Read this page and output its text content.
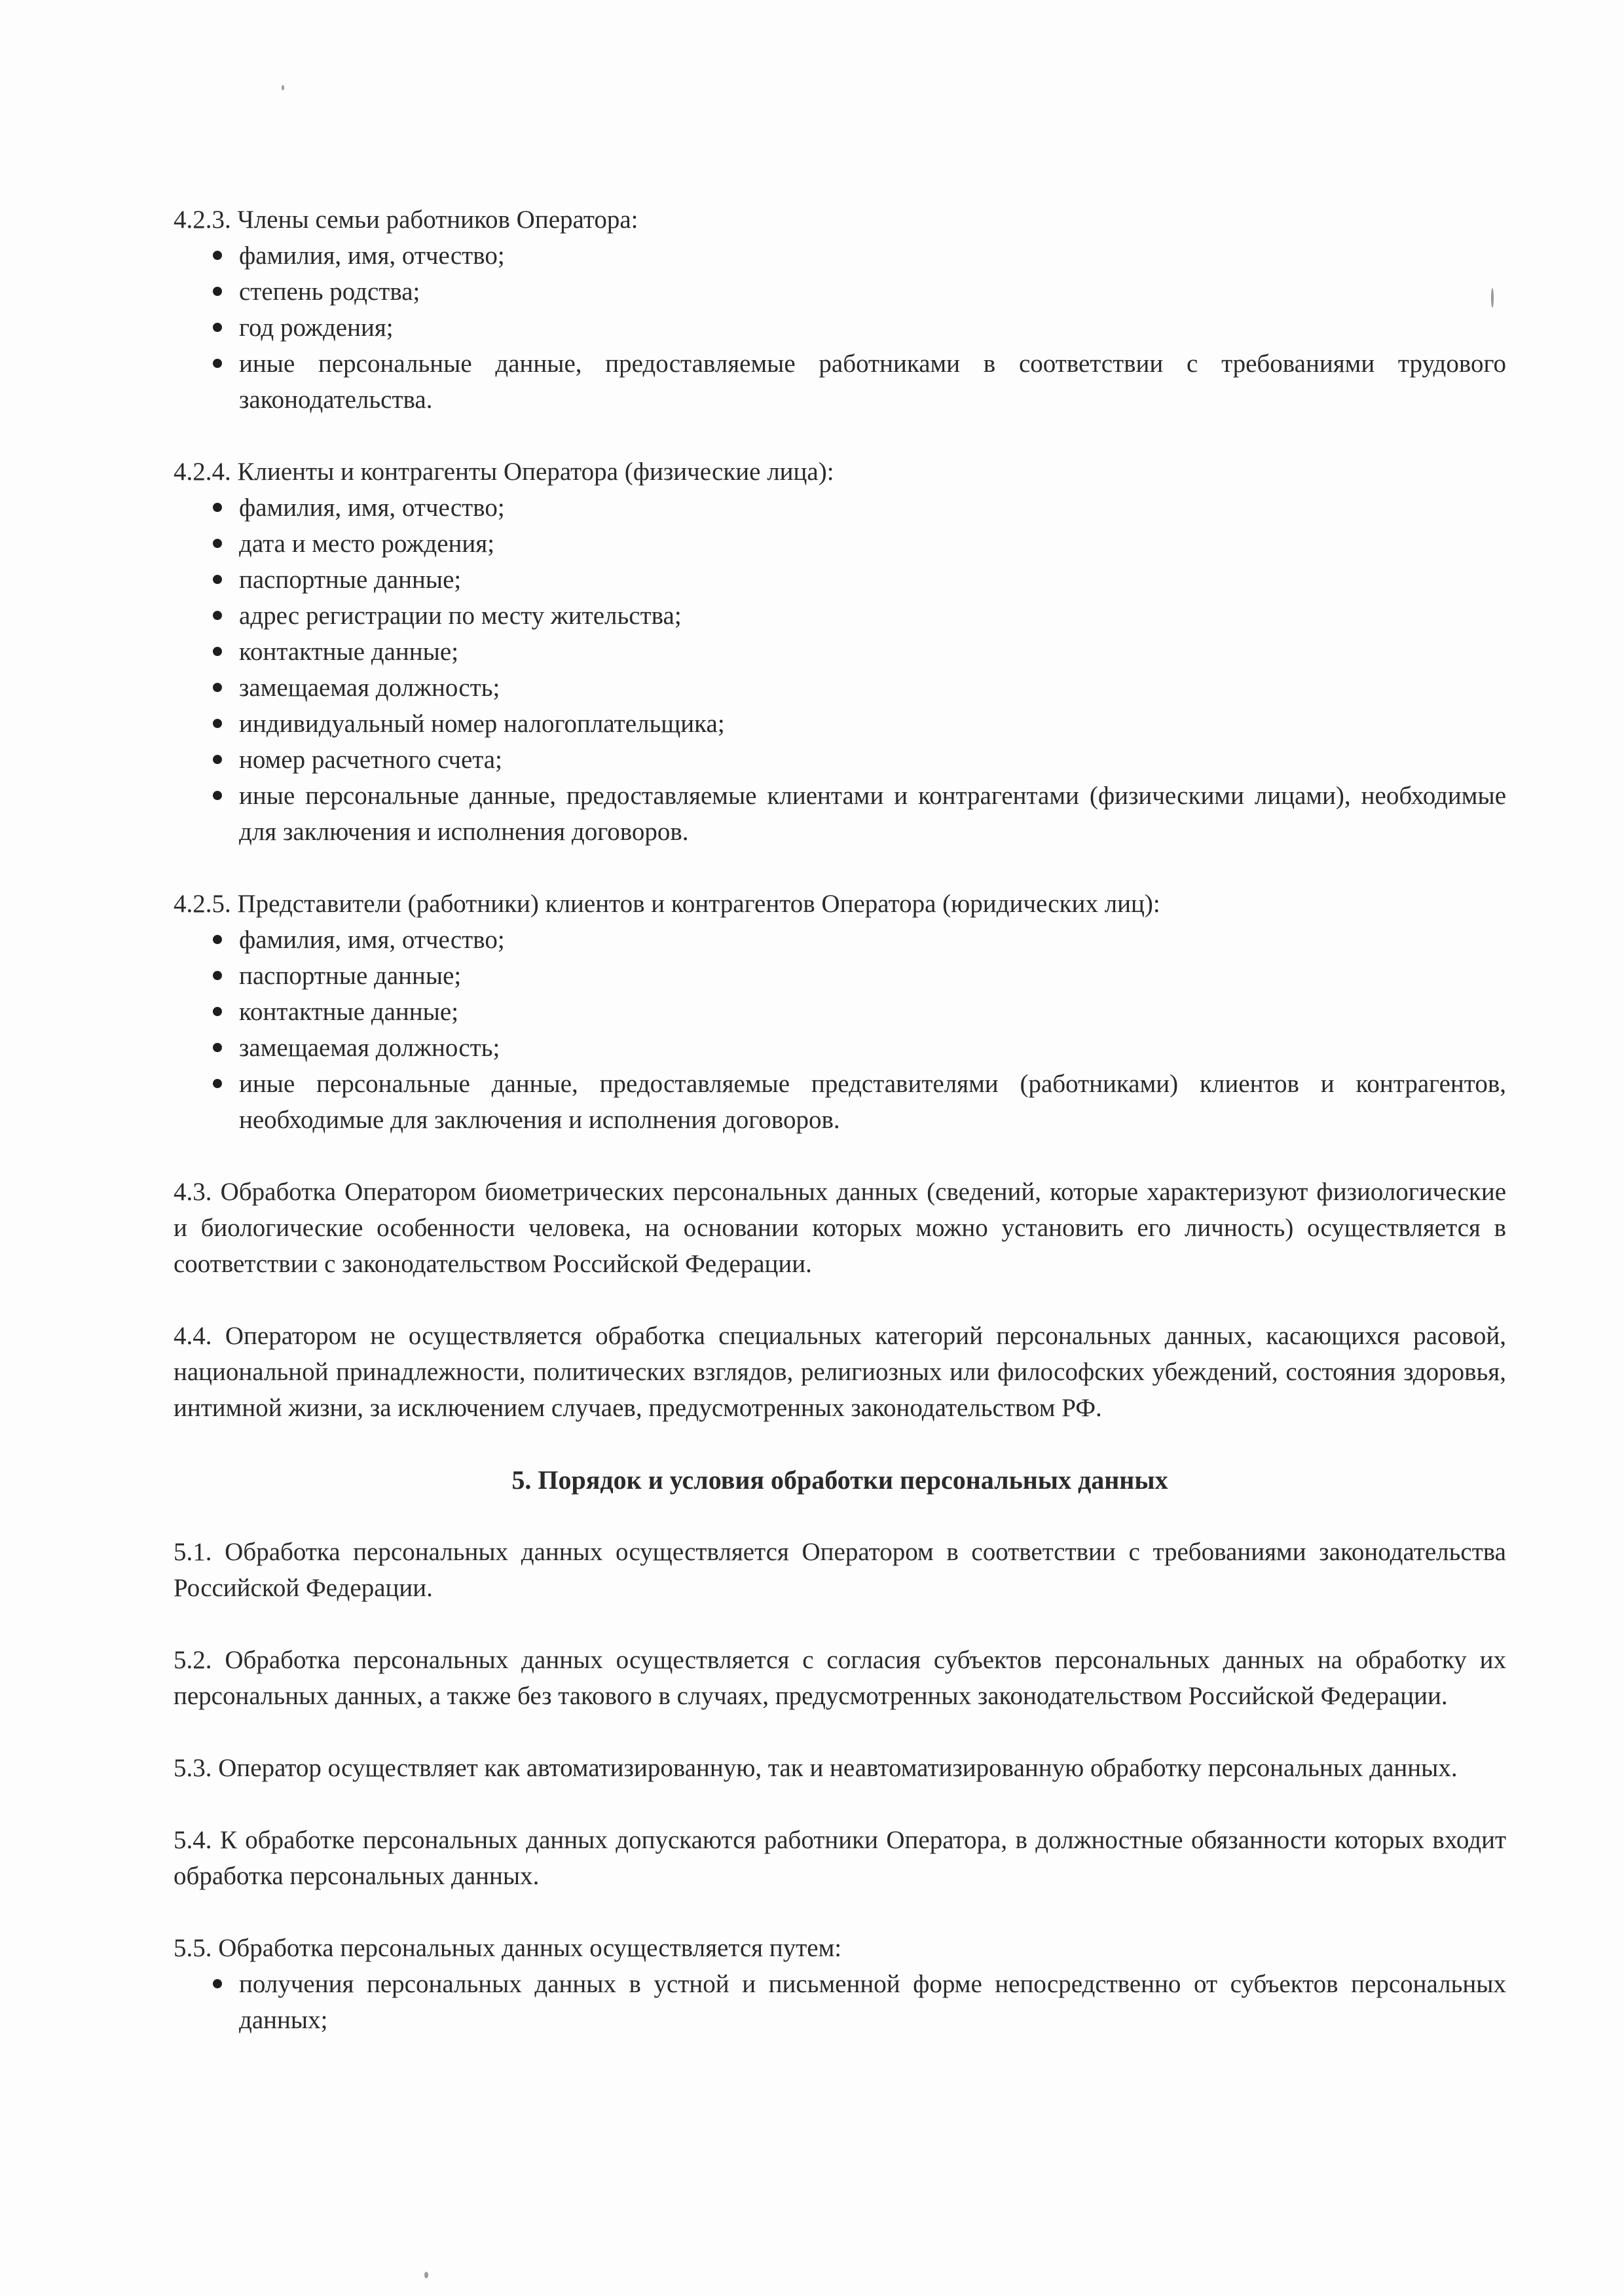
4.2.3. Члены семьи работников Оператора:

фамилия, имя, отчество;
степень родства;
год рождения;
иные персональные данные, предоставляемые работниками в соответствии с требованиями трудового законодательства.

4.2.4. Клиенты и контрагенты Оператора (физические лица):

фамилия, имя, отчество;
дата и место рождения;
паспортные данные;
адрес регистрации по месту жительства;
контактные данные;
замещаемая должность;
индивидуальный номер налогоплательщика;
номер расчетного счета;
иные персональные данные, предоставляемые клиентами и контрагентами (физическими лицами), необходимые для заключения и исполнения договоров.

4.2.5. Представители (работники) клиентов и контрагентов Оператора (юридических лиц):

фамилия, имя, отчество;
паспортные данные;
контактные данные;
замещаемая должность;
иные персональные данные, предоставляемые представителями (работниками) клиентов и контрагентов, необходимые для заключения и исполнения договоров.

4.3. Обработка Оператором биометрических персональных данных (сведений, которые характеризуют физиологические и биологические особенности человека, на основании которых можно установить его личность) осуществляется в соответствии с законодательством Российской Федерации.

4.4. Оператором не осуществляется обработка специальных категорий персональных данных, касающихся расовой, национальной принадлежности, политических взглядов, религиозных или философских убеждений, состояния здоровья, интимной жизни, за исключением случаев, предусмотренных законодательством РФ.

5. Порядок и условия обработки персональных данных

5.1. Обработка персональных данных осуществляется Оператором в соответствии с требованиями законодательства Российской Федерации.

5.2. Обработка персональных данных осуществляется с согласия субъектов персональных данных на обработку их персональных данных, а также без такового в случаях, предусмотренных законодательством Российской Федерации.

5.3. Оператор осуществляет как автоматизированную, так и неавтоматизированную обработку персональных данных.

5.4. К обработке персональных данных допускаются работники Оператора, в должностные обязанности которых входит обработка персональных данных.

5.5. Обработка персональных данных осуществляется путем:

получения персональных данных в устной и письменной форме непосредственно от субъектов персональных данных;
